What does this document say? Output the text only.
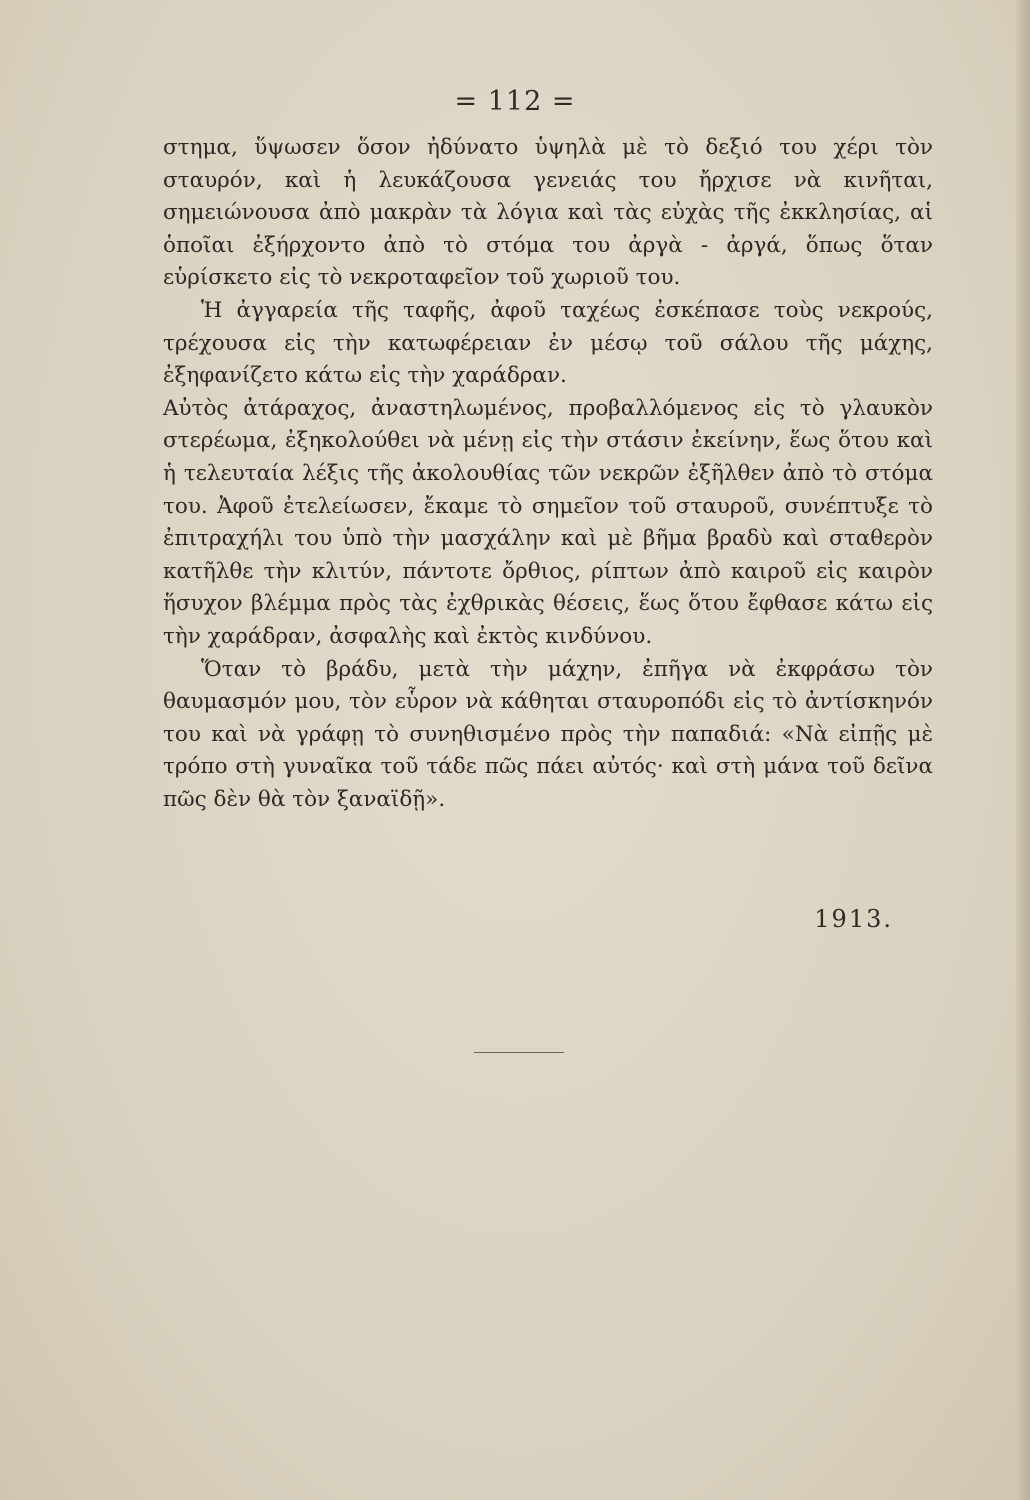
= 112 =

στημα, ὕψωσεν ὅσον ἠδύνατο ὑψηλὰ μὲ τὸ δεξιό του χέρι τὸν σταυρόν, καὶ ἡ λευκάζουσα γενειάς του ἤρχισε νὰ κινῆται, σημειώνουσα ἀπὸ μακρὰν τὰ λόγια καὶ τὰς εὐχὰς τῆς ἐκκλησίας, αἱ ὁποῖαι ἐξήρχοντο ἀπὸ τὸ στόμα του ἀργὰ - ἀργά, ὅπως ὅταν εὑρίσκετο εἰς τὸ νεκροταφεῖον τοῦ χωριοῦ του.

Ἡ ἀγγαρεία τῆς ταφῆς, ἀφοῦ ταχέως ἐσκέπασε τοὺς νεκρούς, τρέχουσα εἰς τὴν κατωφέρειαν ἐν μέσῳ τοῦ σάλου τῆς μάχης, ἐξηφανίζετο κάτω εἰς τὴν χαράδραν.

Αὐτὸς ἀτάραχος, ἀναστηλωμένος, προβαλλόμενος εἰς τὸ γλαυκὸν στερέωμα, ἐξηκολούθει νὰ μένῃ εἰς τὴν στάσιν ἐκείνην, ἕως ὅτου καὶ ἡ τελευταία λέξις τῆς ἀκολουθίας τῶν νεκρῶν ἐξῆλθεν ἀπὸ τὸ στόμα του. Ἀφοῦ ἐτελείωσεν, ἔκαμε τὸ σημεῖον τοῦ σταυροῦ, συνέπτυξε τὸ ἐπιτραχήλι του ὑπὸ τὴν μασχάλην καὶ μὲ βῆμα βραδὺ καὶ σταθερὸν κατῆλθε τὴν κλιτύν, πάντοτε ὄρθιος, ρίπτων ἀπὸ καιροῦ εἰς καιρὸν ἥσυχον βλέμμα πρὸς τὰς ἐχθρικὰς θέσεις, ἕως ὅτου ἔφθασε κάτω εἰς τὴν χαράδραν, ἀσφαλὴς καὶ ἐκτὸς κινδύνου.

Ὅταν τὸ βράδυ, μετὰ τὴν μάχην, ἐπῆγα νὰ ἐκφράσω τὸν θαυμασμόν μου, τὸν εὗρον νὰ κάθηται σταυροπόδι εἰς τὸ ἀντίσκηνόν του καὶ νὰ γράφῃ τὸ συνηθισμένο πρὸς τὴν παπαδιά: «Νὰ εἰπῇς μὲ τρόπο στὴ γυναῖκα τοῦ τάδε πῶς πάει αὐτός· καὶ στὴ μάνα τοῦ δεῖνα πῶς δὲν θὰ τὸν ξαναϊδῇ».

1913.
